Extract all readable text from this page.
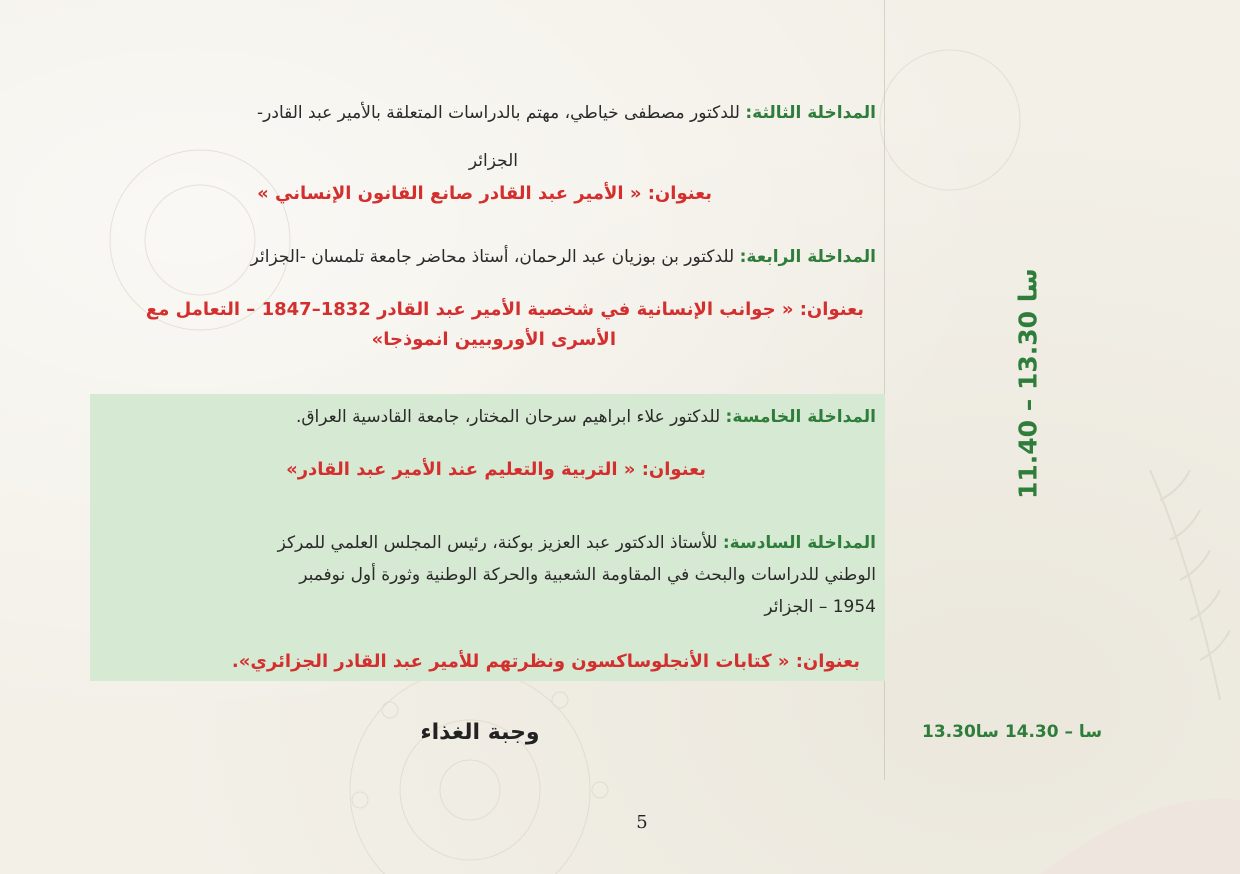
المداخلة الثالثة: للدكتور مصطفى خياطي، مهتم بالدراسات المتعلقة بالأمير عبد القادر-
الجزائر
بعنوان: « الأمير عبد القادر صانع القانون الإنساني »
المداخلة الرابعة: للدكتور بن بوزيان عبد الرحمان، أستاذ محاضر جامعة تلمسان -الجزائر
بعنوان: « جوانب الإنسانية في شخصية الأمير عبد القادر 1832–1847 – التعامل مع
الأسرى الأوروبيين انموذجا»
المداخلة الخامسة: للدكتور علاء ابراهيم سرحان المختار، جامعة القادسية العراق.
بعنوان: « التربية والتعليم عند الأمير عبد القادر»
المداخلة السادسة: للأستاذ الدكتور عبد العزيز بوكنة، رئيس المجلس العلمي للمركز
الوطني للدراسات والبحث في المقاومة الشعبية والحركة الوطنية وثورة أول نوفمبر
1954 – الجزائر
بعنوان: « كتابات الأنجلوساكسون ونظرتهم للأمير عبد القادر الجزائري».
11.40 – 13.30 سا
13.30سا – 14.30 سا
وجبة الغذاء
5
